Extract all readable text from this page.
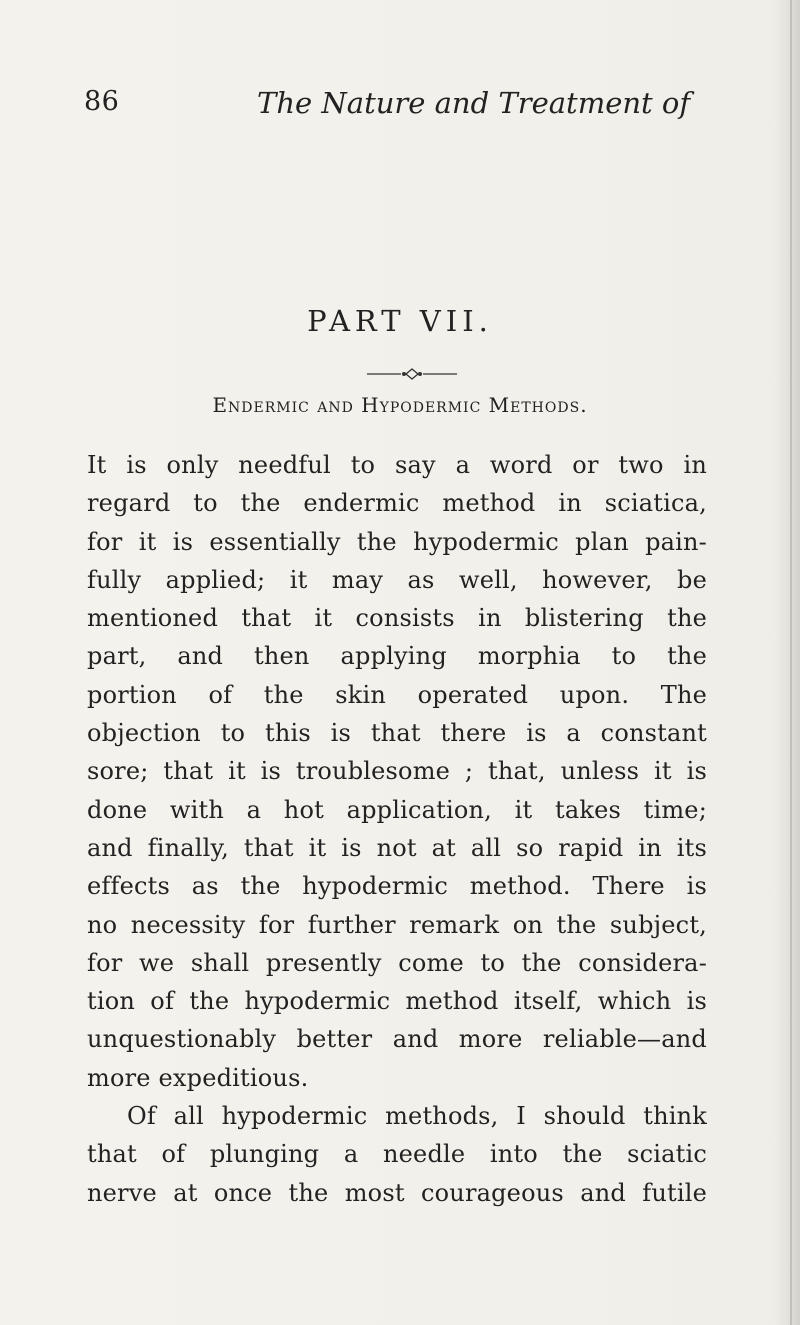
86	The Nature and Treatment of
PART VII.
Endermic and Hypodermic Methods.
It is only needful to say a word or two in
regard to the endermic method in sciatica,
for it is essentially the hypodermic plan pain-
fully applied; it may as well, however, be
mentioned that it consists in blistering the
part, and then applying morphia to the
portion of the skin operated upon. The
objection to this is that there is a constant
sore; that it is troublesome ; that, unless it is
done with a hot application, it takes time;
and finally, that it is not at all so rapid in its
effects as the hypodermic method. There is
no necessity for further remark on the subject,
for we shall presently come to the considera-
tion of the hypodermic method itself, which is
unquestionably better and more reliable—and
more expeditious.
Of all hypodermic methods, I should think
that of plunging a needle into the sciatic
nerve at once the most courageous and futile
